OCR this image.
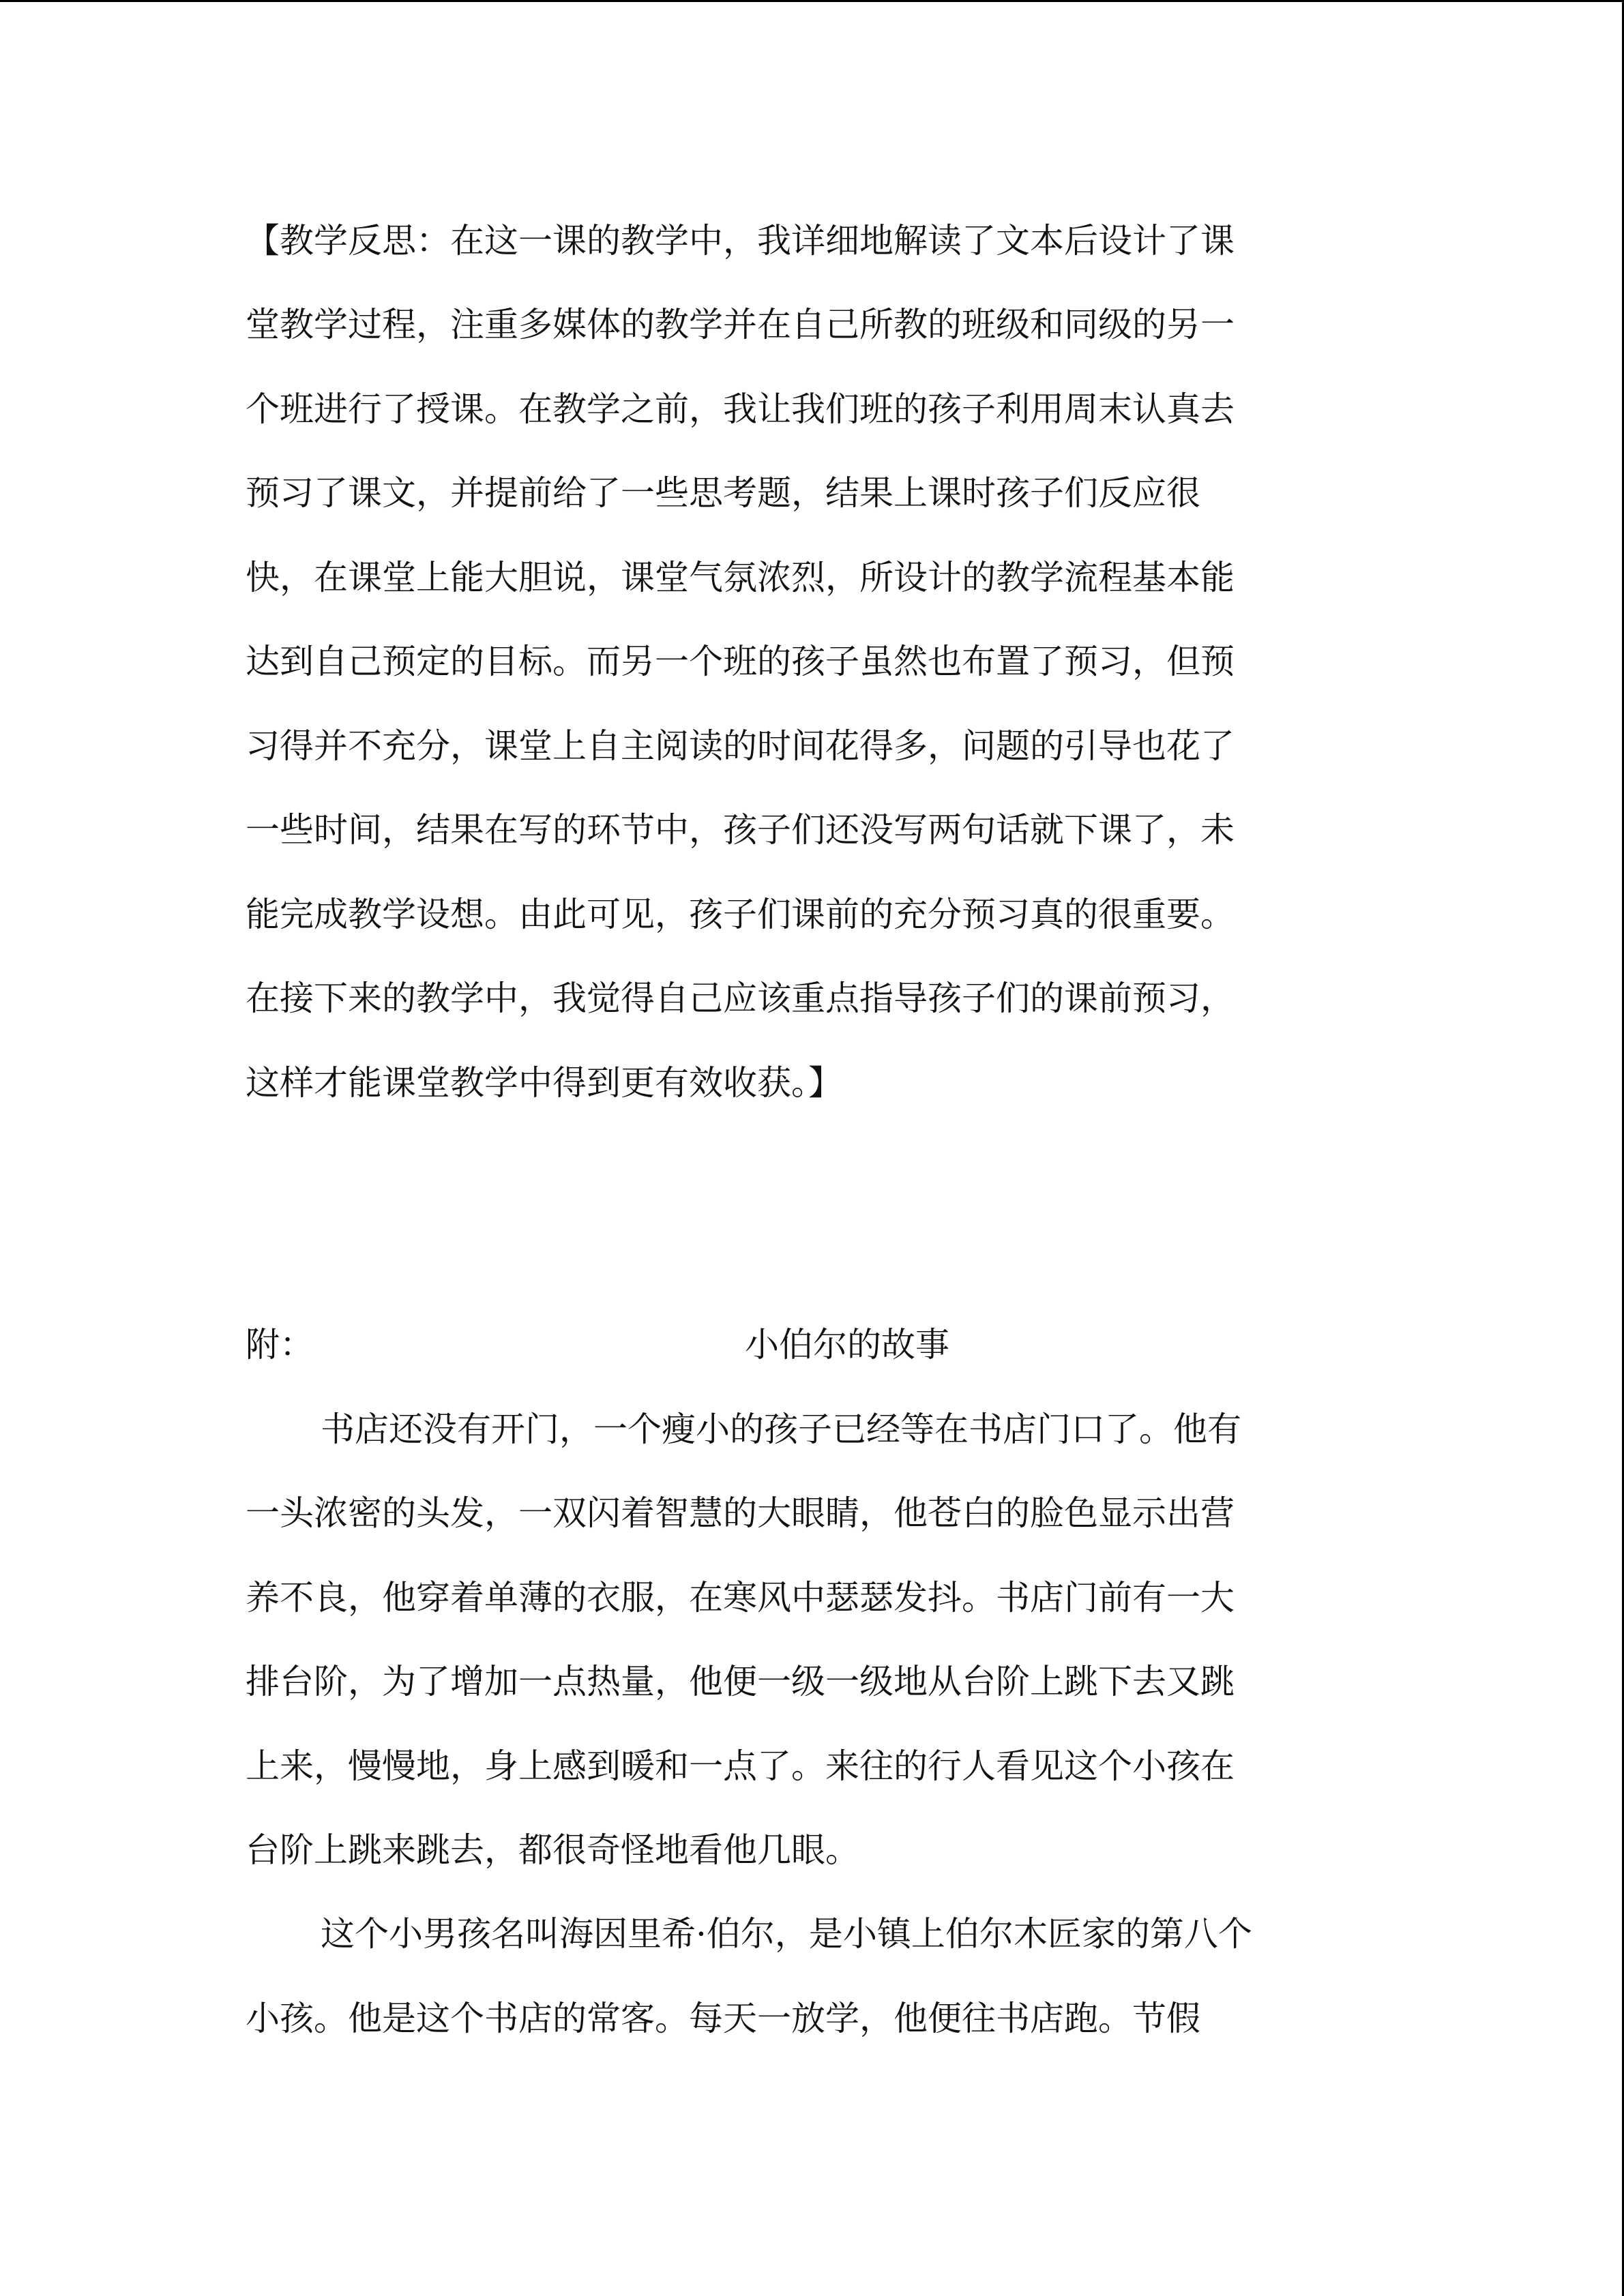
【教学反思：在这一课的教学中，我详细地解读了文本后设计了课
堂教学过程，注重多媒体的教学并在自己所教的班级和同级的另一
个班进行了授课。在教学之前，我让我们班的孩子利用周末认真去
预习了课文，并提前给了一些思考题，结果上课时孩子们反应很
快，在课堂上能大胆说，课堂气氛浓烈，所设计的教学流程基本能
达到自己预定的目标。而另一个班的孩子虽然也布置了预习，但预
习得并不充分，课堂上自主阅读的时间花得多，问题的引导也花了
一些时间，结果在写的环节中，孩子们还没写两句话就下课了，未
能完成教学设想。由此可见，孩子们课前的充分预习真的很重要。
在接下来的教学中，我觉得自己应该重点指导孩子们的课前预习，
这样才能课堂教学中得到更有效收获。】
附：	小伯尔的故事
书店还没有开门，一个瘦小的孩子已经等在书店门口了。他有
一头浓密的头发，一双闪着智慧的大眼睛，他苍白的脸色显示出营
养不良，他穿着单薄的衣服，在寒风中瑟瑟发抖。书店门前有一大
排台阶，为了增加一点热量，他便一级一级地从台阶上跳下去又跳
上来，慢慢地，身上感到暖和一点了。来往的行人看见这个小孩在
台阶上跳来跳去，都很奇怪地看他几眼。
这个小男孩名叫海因里希·伯尔，是小镇上伯尔木匠家的第八个
小孩。他是这个书店的常客。每天一放学，他便往书店跑。节假
